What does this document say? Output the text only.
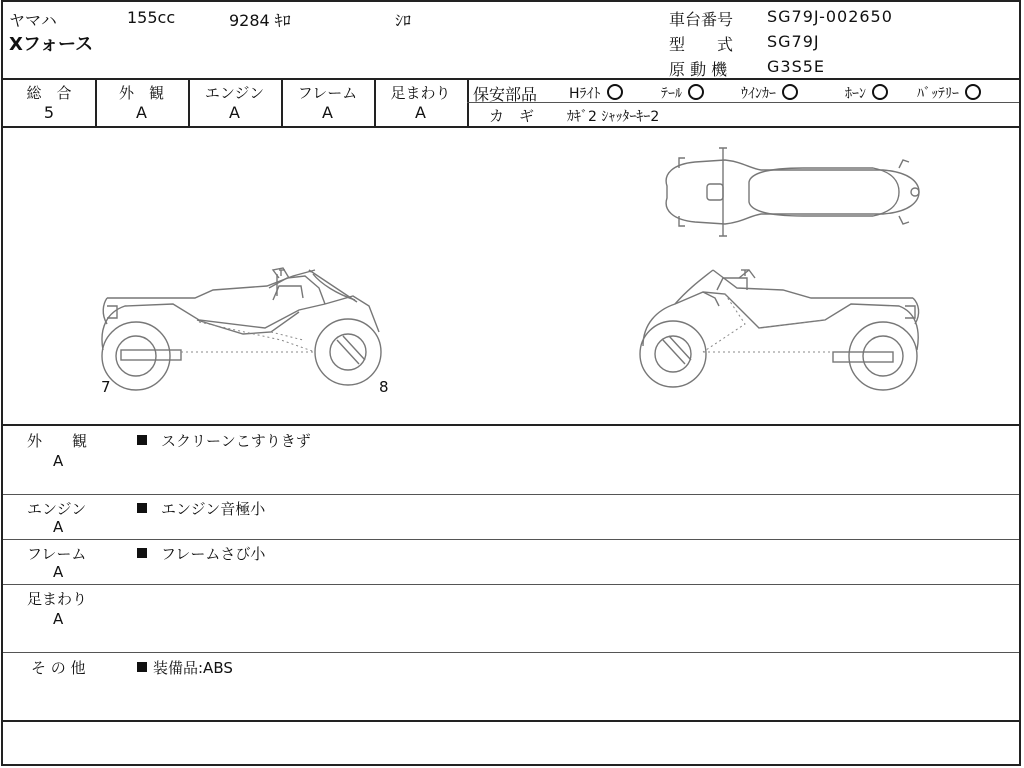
ヤマハ	155cc	9284 ｷﾛ	ｼﾛ
Xフォース
車台番号 SG79J-002650
型　　式 SG79J
原 動 機 G3S5E
総　合
5
外　観
A
エンジン
A
フレーム
A
足まわり
A
保安部品 Hﾗｲﾄ	ﾃｰﾙ	ｳｲﾝｶｰ	ﾎｰﾝ	ﾊﾞｯﾃﾘｰ
カ　ギ ｶｷﾞ2 ｼｬｯﾀｰｷｰ2
7	8
外　　観
A
スクリーンこすりきず
エンジン
A
エンジン音極小
フレーム
A
フレームさび小
足まわり
A
そ の 他	装備品:ABS
